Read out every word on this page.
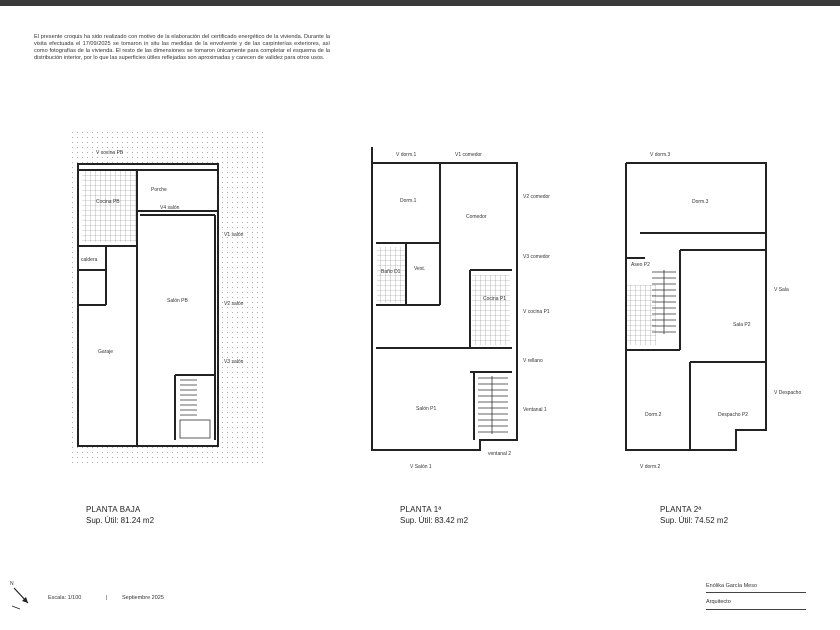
El presente croquis ha sido realizado con motivo de la elaboración del certificado energético de la vivienda. Durante la visita efectuada el 17/09/2025 se tomaron in situ las medidas de la envolvente y de las carpinterías exteriores, así como fotografías de la vivienda. El resto de las dimensiones se tomaron únicamente para completar el esquema de la distribución interior, por lo que las superficies útiles reflejadas son aproximadas y carecen de validez para otros usos.
V cocina PB
Cocina PB
Porche
V4 salón
caldera
V1 salón
Salón PB	V2 salón
V3 salón
Garaje
V dorm.1	V1 comedor
Dorm.1
Comedor
V2 comedor
V3 comedor
Baño D1	Vest.
Cocina P1
V cocina P1
V rellano
Salón P1	Ventanal 1
ventanal 2
V Salón 1
V dorm.3
Dorm.3
Aseo P2
V Sala
Sala P2
V Despacho
Dorm.2	Despacho P2
V dorm.2
N
PLANTA BAJA
Sup. Útil: 81.24 m2
PLANTA 1ª
Sup. Útil: 83.42 m2
PLANTA 2ª
Sup. Útil: 74.52 m2
Escala: 1/100	|	Septiembre 2025
Enólika García Meso
Arquitecto
